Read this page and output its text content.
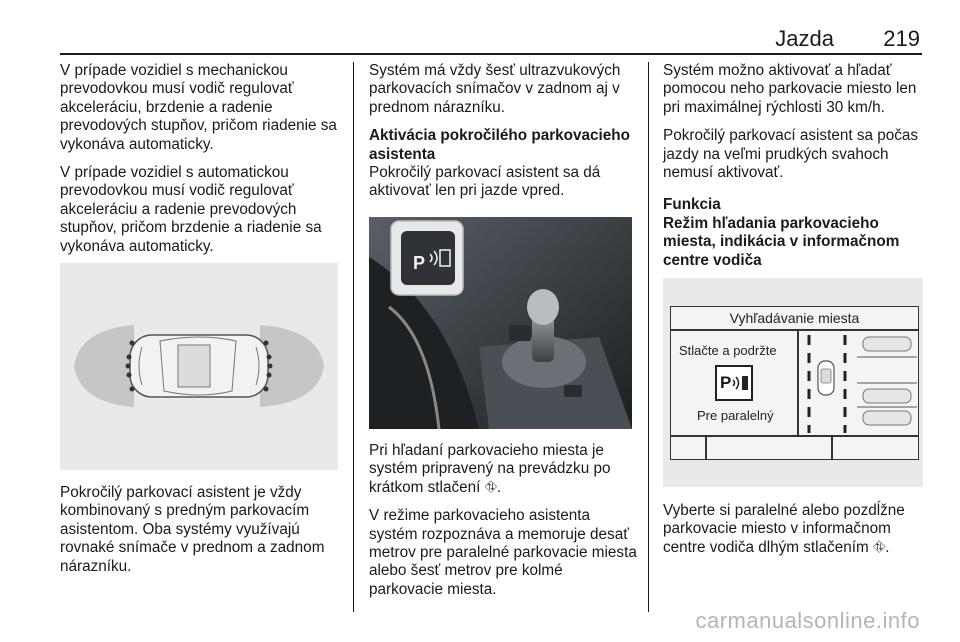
Jazda 219

V prípade vozidiel s mechanickou prevodovkou musí vodič regulovať akceleráciu, brzdenie a radenie prevodových stupňov, pričom riadenie sa vykonáva automaticky.

V prípade vozidiel s automatickou prevodovkou musí vodič regulovať akceleráciu a radenie prevodových stupňov, pričom brzdenie a riadenie sa vykonáva automaticky.

Pokročilý parkovací asistent je vždy kombinovaný s predným parkovacím asistentom. Oba systémy využívajú rovnaké snímače v prednom a zadnom nárazníku.

Systém má vždy šesť ultrazvukových parkovacích snímačov v zadnom aj v prednom nárazníku.

Aktivácia pokročilého parkovacieho asistenta

Pokročilý parkovací asistent sa dá aktivovať len pri jazde vpred.

Pri hľadaní parkovacieho miesta je systém pripravený na prevádzku po krátkom stlačení ⛗.

V režime parkovacieho asistenta systém rozpoznáva a memoruje desať metrov pre paralelné parkovacie miesta alebo šesť metrov pre kolmé parkovacie miesta.

P

Systém možno aktivovať a hľadať pomocou neho parkovacie miesto len pri maximálnej rýchlosti 30 km/h.

Pokročilý parkovací asistent sa počas jazdy na veľmi prudkých svahoch nemusí aktivovať.

Funkcia
Režim hľadania parkovacieho miesta, indikácia v informačnom centre vodiča

Vyberte si paralelné alebo pozdĺžne parkovacie miesto v informačnom centre vodiča dlhým stlačením ⛗.

Vyhľadávanie miesta
Stlačte a podržte
P
Pre paralelný
carmanualsonline.info
